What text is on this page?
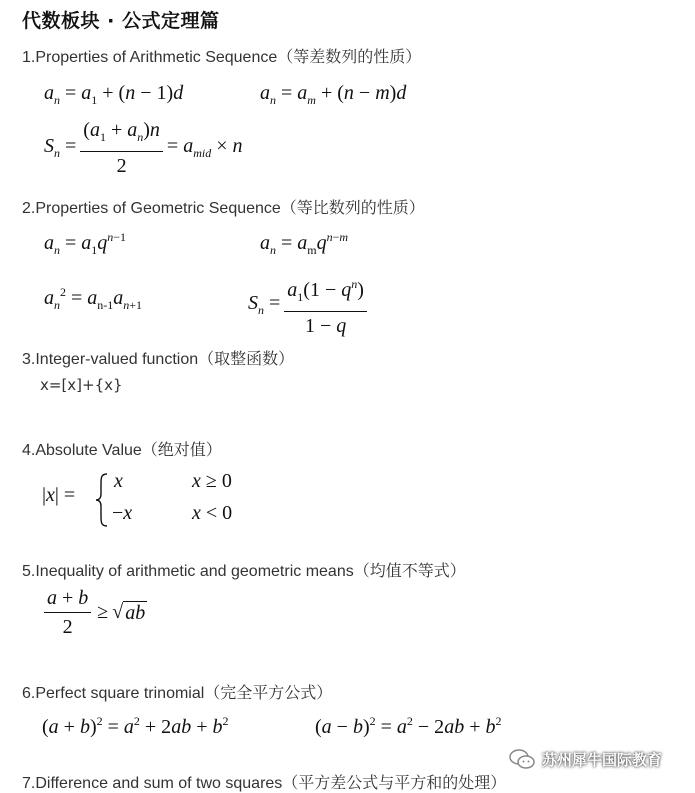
代数板块 · 公式定理篇
1.Properties of Arithmetic Sequence（等差数列的性质）
$a_n = a_1 + (n - 1)d$	$a_n = a_m + (n - m)d$
$S_n = \frac{(a_1 + a_n)n}{2} = a_{mid} \times n$
2.Properties of Geometric Sequence（等比数列的性质）
$a_n = a_1q^{n-1}$	$a_n = a_mq^{n-m}$
$a_n^2 = a_{n-1}a_{n+1}$	$S_n = \frac{a_1(1 - q^n)}{1 - q}$
3.Integer-valued function（取整函数）
x=[x]+{x}
4.Absolute Value（绝对值）
|x| =
x	x ≥ 0
−x	x < 0
5.Inequality of arithmetic and geometric means（均值不等式）
$\frac{a + b}{2}$ ≥ √ ab
6.Perfect square trinomial（完全平方公式）
$(a + b)^2 = a^2 + 2ab + b^2$	$(a - b)^2 = a^2 - 2ab + b^2$
7.Difference and sum of two squares（平方差公式与平方和的处理）
苏州犀牛国际教育
